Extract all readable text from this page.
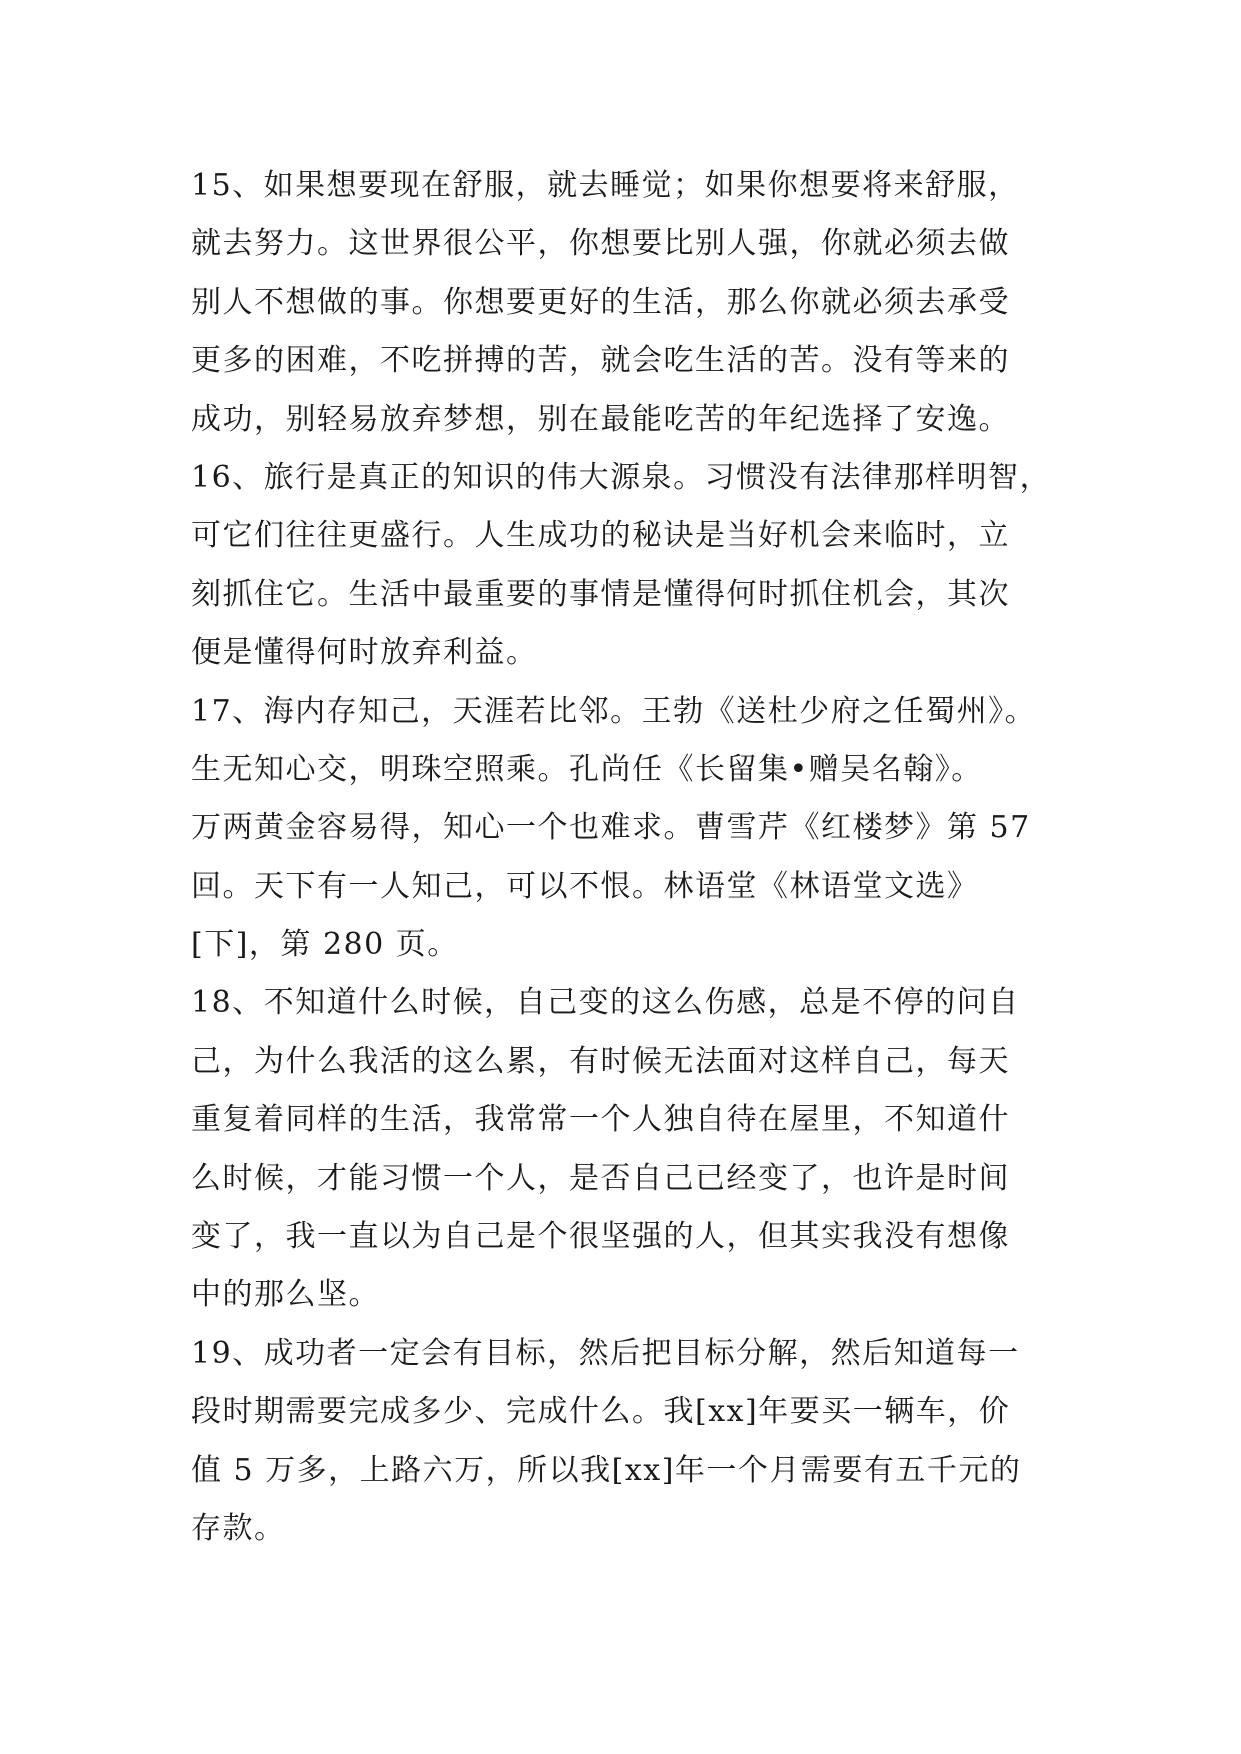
15、如果想要现在舒服，就去睡觉；如果你想要将来舒服，
就去努力。这世界很公平，你想要比别人强，你就必须去做
别人不想做的事。你想要更好的生活，那么你就必须去承受
更多的困难，不吃拼搏的苦，就会吃生活的苦。没有等来的
成功，别轻易放弃梦想，别在最能吃苦的年纪选择了安逸。
16、旅行是真正的知识的伟大源泉。习惯没有法律那样明智，
可它们往往更盛行。人生成功的秘诀是当好机会来临时，立
刻抓住它。生活中最重要的事情是懂得何时抓住机会，其次
便是懂得何时放弃利益。
17、海内存知己，天涯若比邻。王勃《送杜少府之任蜀州》。
生无知心交，明珠空照乘。孔尚任《长留集•赠吴名翰》。
万两黄金容易得，知心一个也难求。曹雪芹《红楼梦》第 57
回。天下有一人知己，可以不恨。林语堂《林语堂文选》
[下]，第 280 页。
18、不知道什么时候，自己变的这么伤感，总是不停的问自
己，为什么我活的这么累，有时候无法面对这样自己，每天
重复着同样的生活，我常常一个人独自待在屋里，不知道什
么时候，才能习惯一个人，是否自己已经变了，也许是时间
变了，我一直以为自己是个很坚强的人，但其实我没有想像
中的那么坚。
19、成功者一定会有目标，然后把目标分解，然后知道每一
段时期需要完成多少、完成什么。我[xx]年要买一辆车，价
值 5 万多，上路六万，所以我[xx]年一个月需要有五千元的
存款。
